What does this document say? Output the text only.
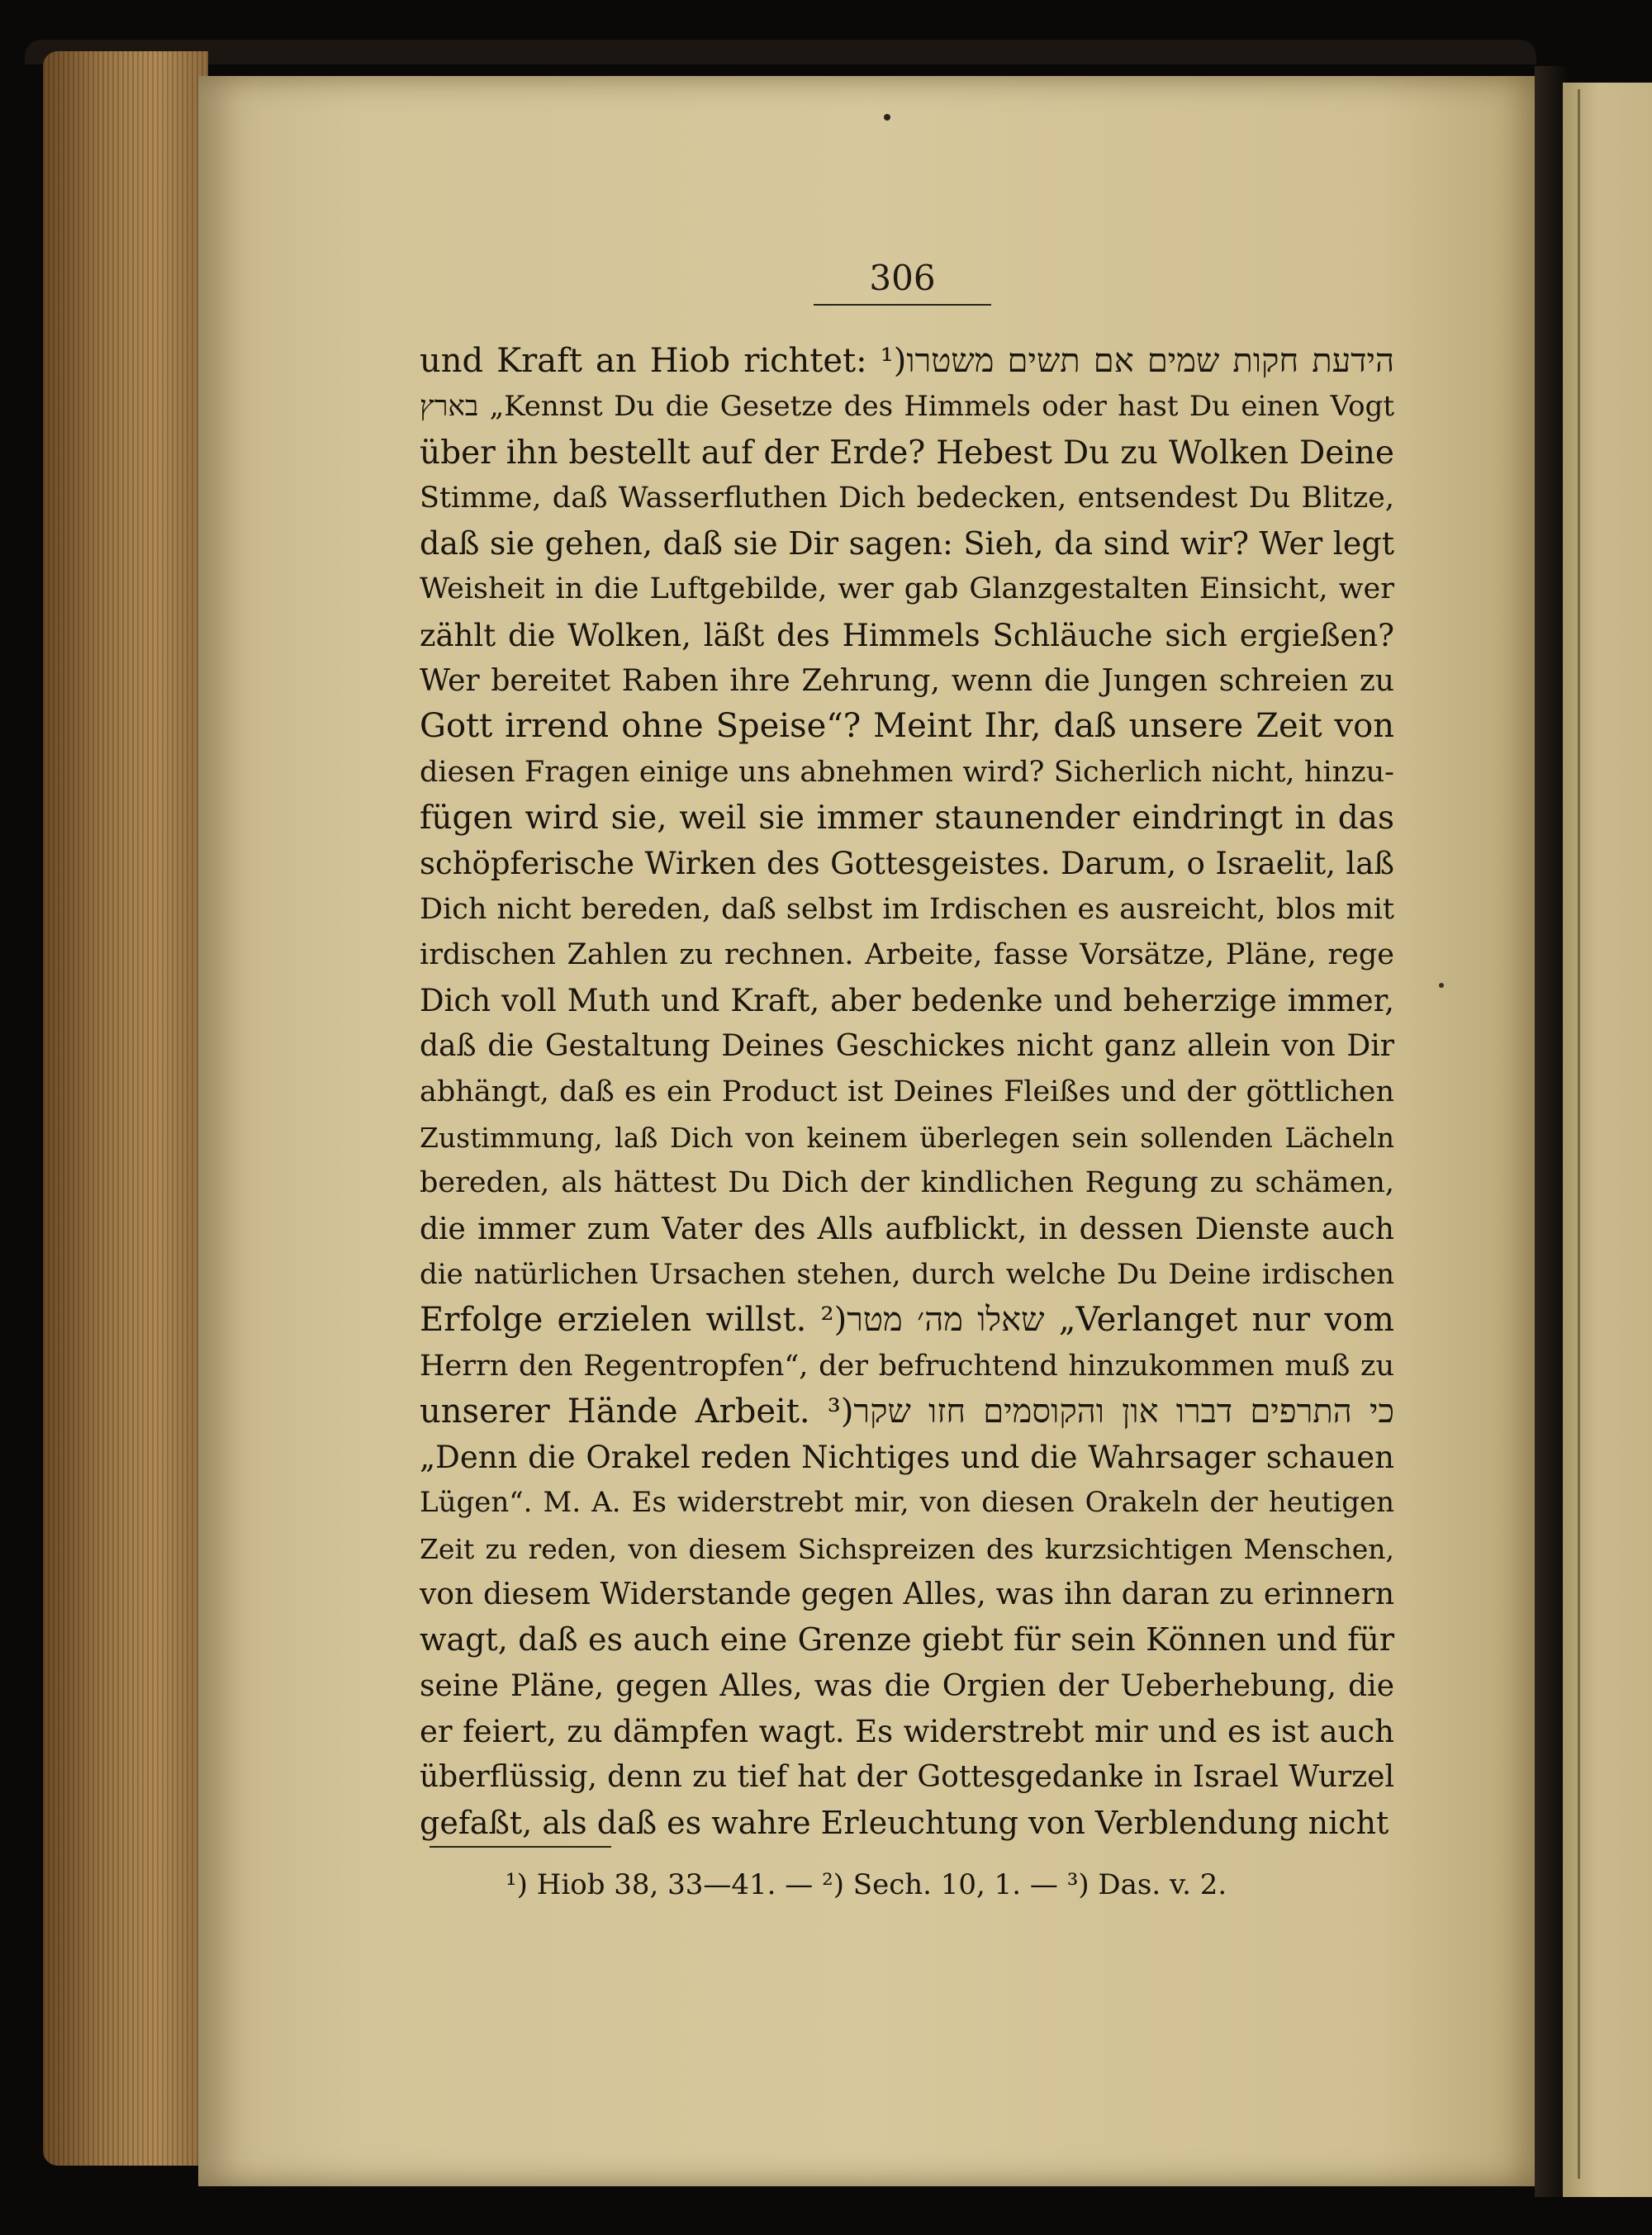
306
und Kraft an Hiob richtet: ¹)הידעת חקות שמים אם תשים משטרו
בארץ „Kennst Du die Gesetze des Himmels oder hast Du einen Vogt
über ihn bestellt auf der Erde? Hebest Du zu Wolken Deine
Stimme, daß Wasserfluthen Dich bedecken, entsendest Du Blitze,
daß sie gehen, daß sie Dir sagen: Sieh, da sind wir? Wer legt
Weisheit in die Luftgebilde, wer gab Glanzgestalten Einsicht, wer
zählt die Wolken, läßt des Himmels Schläuche sich ergießen?
Wer bereitet Raben ihre Zehrung, wenn die Jungen schreien zu
Gott irrend ohne Speise“? Meint Ihr, daß unsere Zeit von
diesen Fragen einige uns abnehmen wird? Sicherlich nicht, hinzu-
fügen wird sie, weil sie immer staunender eindringt in das
schöpferische Wirken des Gottesgeistes. Darum, o Israelit, laß
Dich nicht bereden, daß selbst im Irdischen es ausreicht, blos mit
irdischen Zahlen zu rechnen. Arbeite, fasse Vorsätze, Pläne, rege
Dich voll Muth und Kraft, aber bedenke und beherzige immer,
daß die Gestaltung Deines Geschickes nicht ganz allein von Dir
abhängt, daß es ein Product ist Deines Fleißes und der göttlichen
Zustimmung, laß Dich von keinem überlegen sein sollenden Lächeln
bereden, als hättest Du Dich der kindlichen Regung zu schämen,
die immer zum Vater des Alls aufblickt, in dessen Dienste auch
die natürlichen Ursachen stehen, durch welche Du Deine irdischen
Erfolge erzielen willst. ²)שאלו מה׳ מטר „Verlanget nur vom
Herrn den Regentropfen“, der befruchtend hinzukommen muß zu
unserer Hände Arbeit. ³)כי התרפים דברו און והקוסמים חזו שקר
„Denn die Orakel reden Nichtiges und die Wahrsager schauen
Lügen“. M. A. Es widerstrebt mir, von diesen Orakeln der heutigen
Zeit zu reden, von diesem Sichspreizen des kurzsichtigen Menschen,
von diesem Widerstande gegen Alles, was ihn daran zu erinnern
wagt, daß es auch eine Grenze giebt für sein Können und für
seine Pläne, gegen Alles, was die Orgien der Ueberhebung, die
er feiert, zu dämpfen wagt. Es widerstrebt mir und es ist auch
überflüssig, denn zu tief hat der Gottesgedanke in Israel Wurzel
gefaßt, als daß es wahre Erleuchtung von Verblendung nicht
¹) Hiob 38, 33—41. — ²) Sech. 10, 1. — ³) Das. v. 2.
